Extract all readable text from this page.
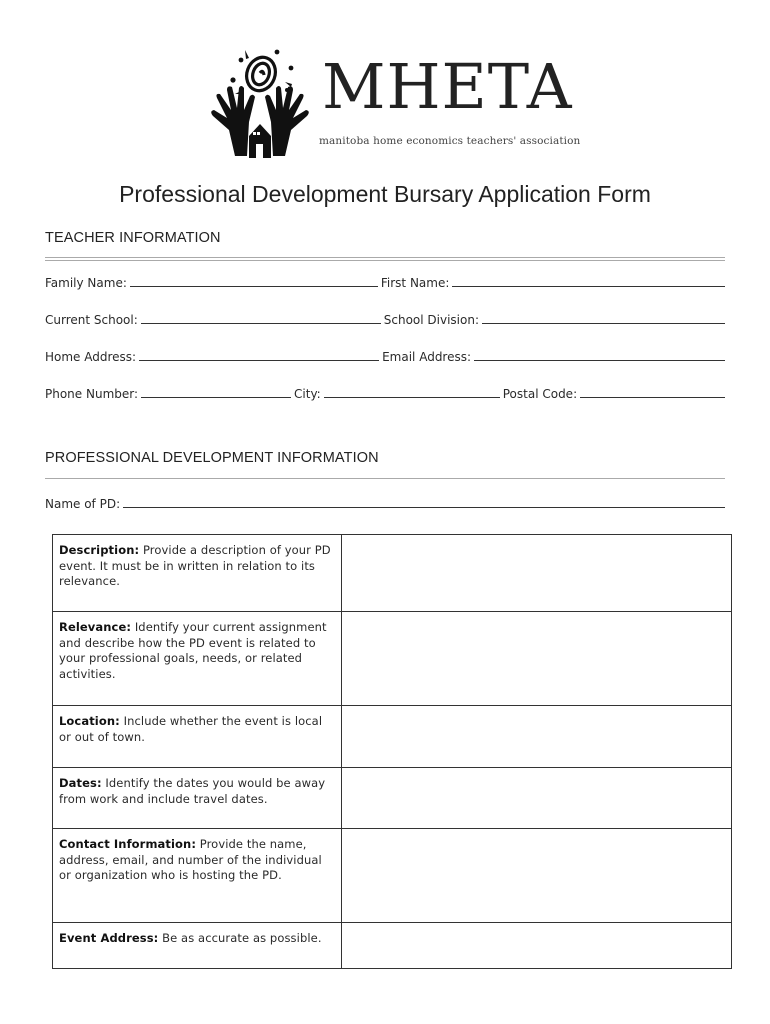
MHETA
manitoba home economics teachers' association
Professional Development Bursary Application Form
TEACHER INFORMATION
Family Name:	First Name:
Current School:	School Division:
Home Address:	Email Address:
Phone Number:	City:	Postal Code:
PROFESSIONAL DEVELOPMENT INFORMATION
Name of PD:
Description: Provide a description of your PD event. It must be in written in relation to its relevance.	
Relevance: Identify your current assignment and describe how the PD event is related to your professional goals, needs, or related activities.	
Location: Include whether the event is local or out of town.	
Dates: Identify the dates you would be away from work and include travel dates.	
Contact Information: Provide the name, address, email, and number of the individual or organization who is hosting the PD.	
Event Address: Be as accurate as possible.	
